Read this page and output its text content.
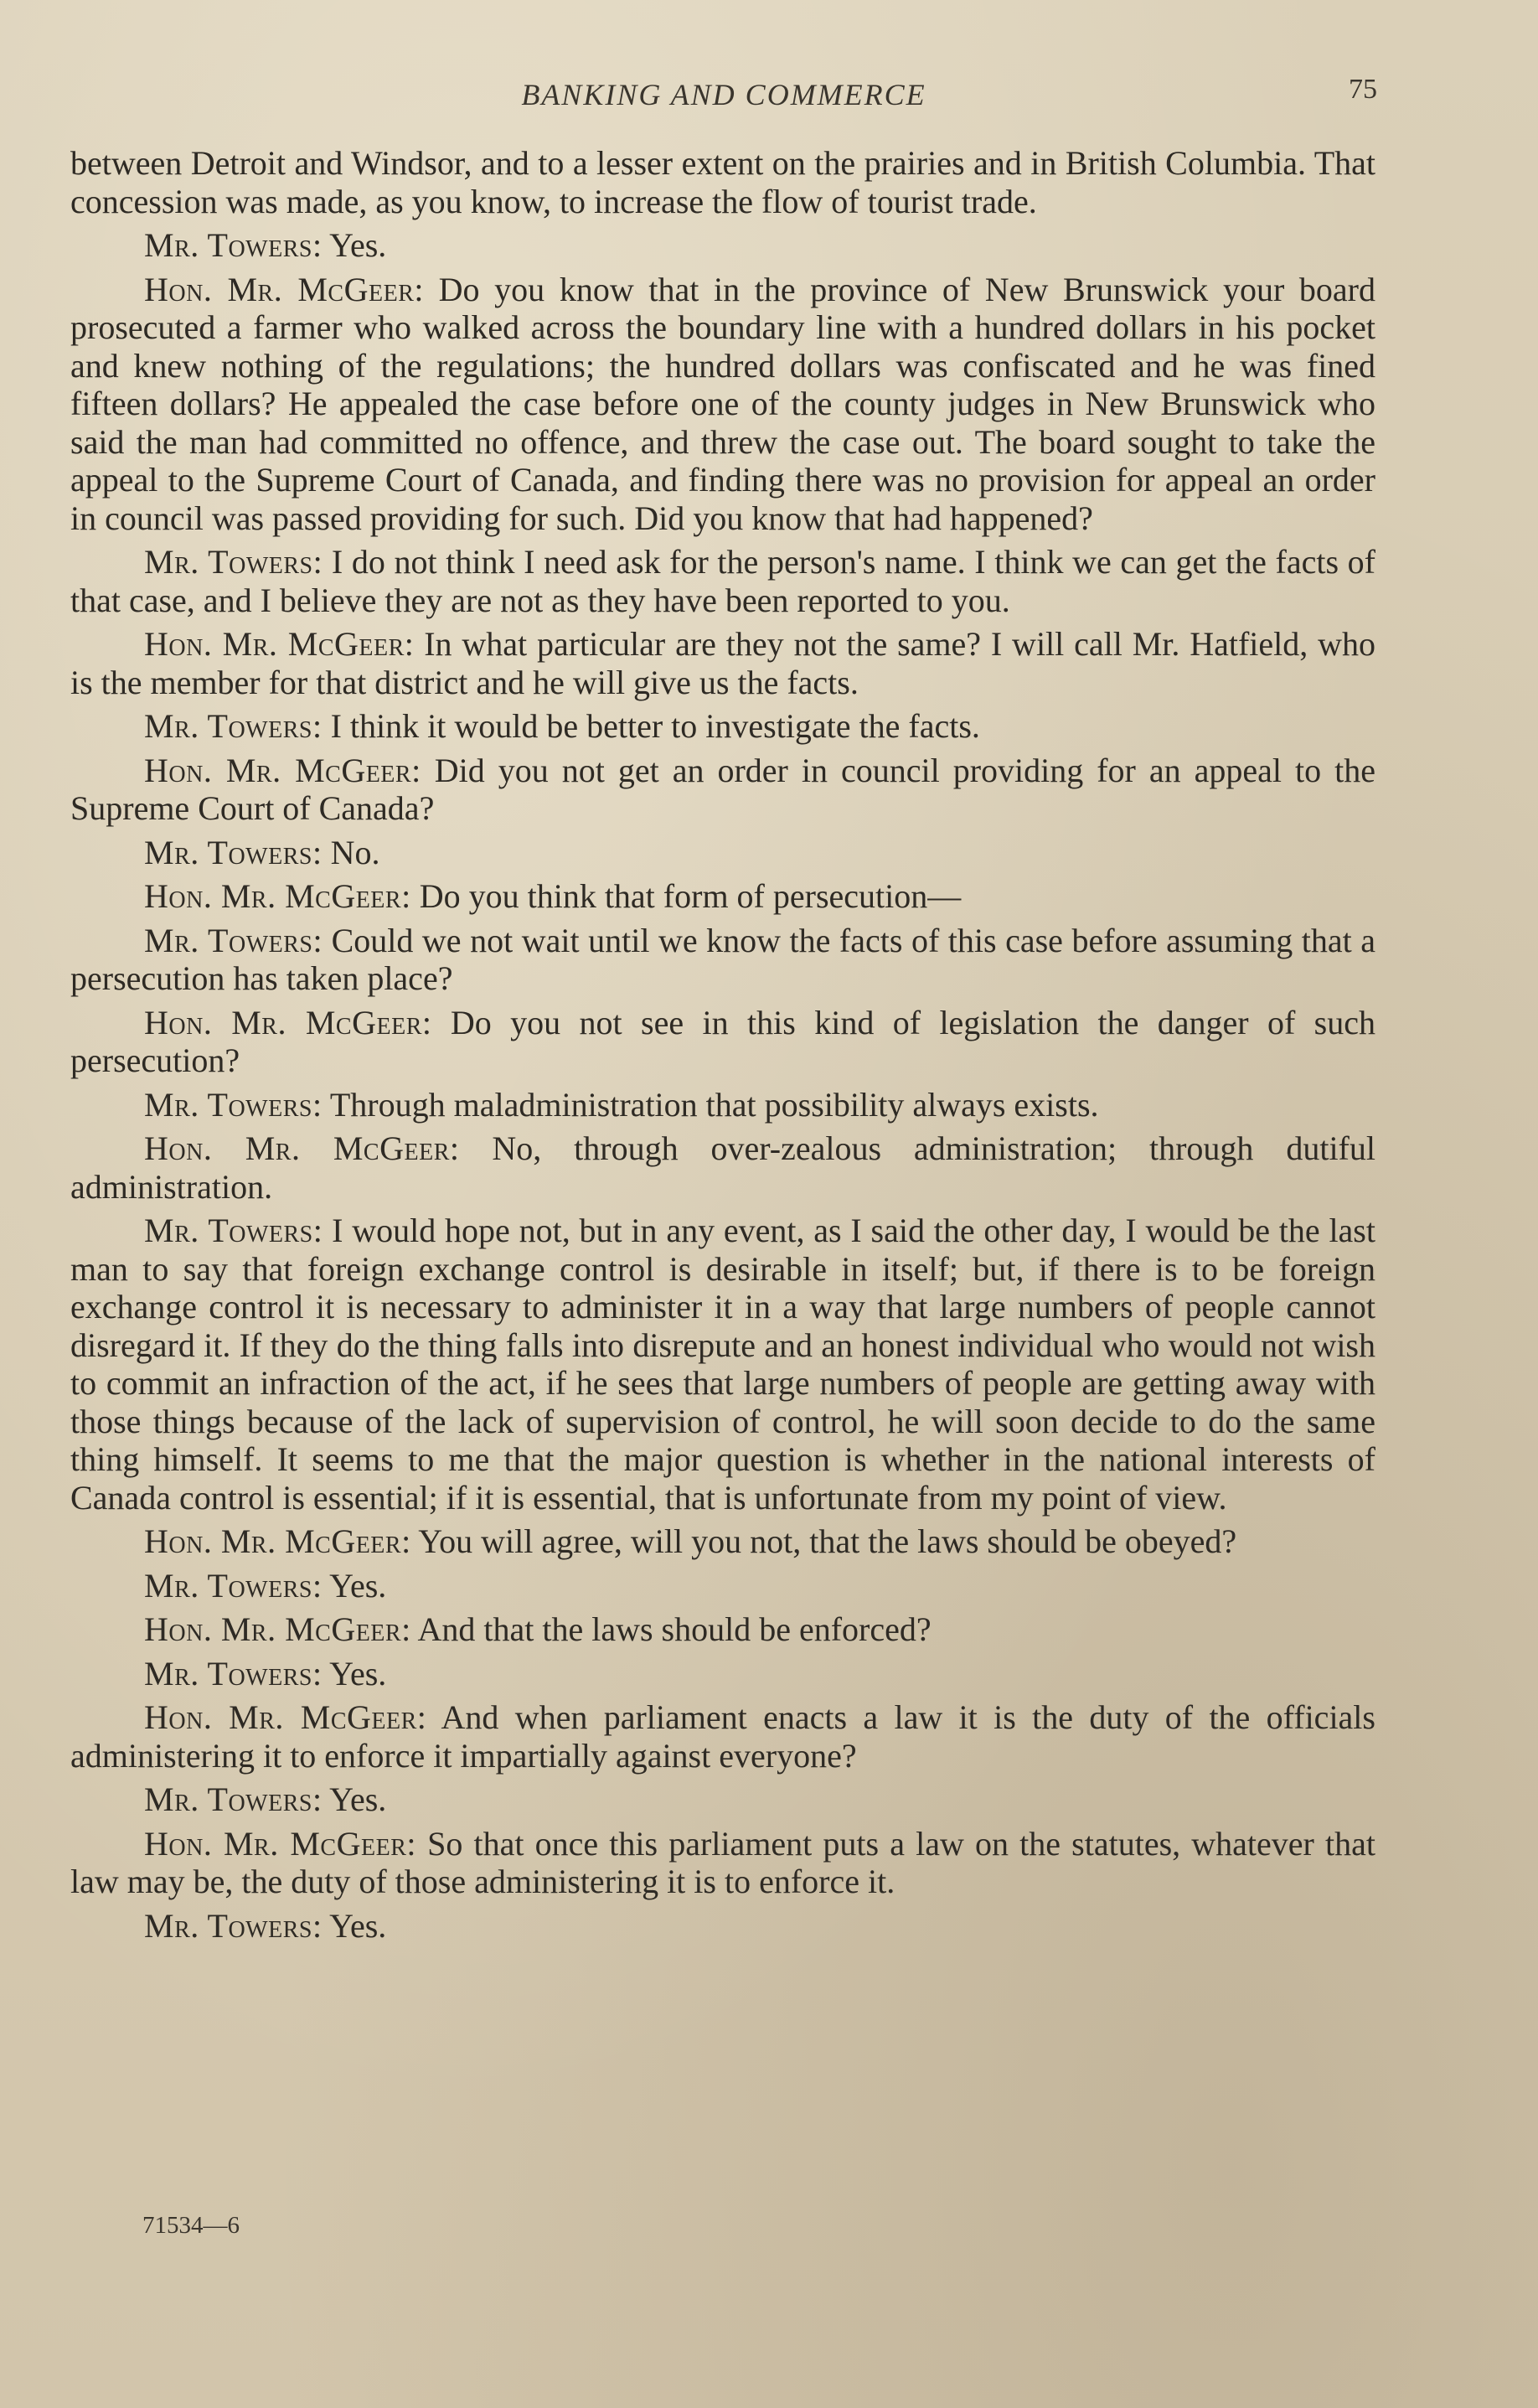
BANKING AND COMMERCE	75

between Detroit and Windsor, and to a lesser extent on the prairies and in British Columbia. That concession was made, as you know, to increase the flow of tourist trade.

Mr. Towers: Yes.

Hon. Mr. McGeer: Do you know that in the province of New Brunswick your board prosecuted a farmer who walked across the boundary line with a hundred dollars in his pocket and knew nothing of the regulations; the hundred dollars was confiscated and he was fined fifteen dollars? He appealed the case before one of the county judges in New Brunswick who said the man had committed no offence, and threw the case out. The board sought to take the appeal to the Supreme Court of Canada, and finding there was no provision for appeal an order in council was passed providing for such. Did you know that had happened?

Mr. Towers: I do not think I need ask for the person's name. I think we can get the facts of that case, and I believe they are not as they have been reported to you.

Hon. Mr. McGeer: In what particular are they not the same? I will call Mr. Hatfield, who is the member for that district and he will give us the facts.

Mr. Towers: I think it would be better to investigate the facts.

Hon. Mr. McGeer: Did you not get an order in council providing for an appeal to the Supreme Court of Canada?

Mr. Towers: No.

Hon. Mr. McGeer: Do you think that form of persecution—

Mr. Towers: Could we not wait until we know the facts of this case before assuming that a persecution has taken place?

Hon. Mr. McGeer: Do you not see in this kind of legislation the danger of such persecution?

Mr. Towers: Through maladministration that possibility always exists.

Hon. Mr. McGeer: No, through over-zealous administration; through dutiful administration.

Mr. Towers: I would hope not, but in any event, as I said the other day, I would be the last man to say that foreign exchange control is desirable in itself; but, if there is to be foreign exchange control it is necessary to administer it in a way that large numbers of people cannot disregard it. If they do the thing falls into disrepute and an honest individual who would not wish to commit an infraction of the act, if he sees that large numbers of people are getting away with those things because of the lack of supervision of control, he will soon decide to do the same thing himself. It seems to me that the major question is whether in the national interests of Canada control is essential; if it is essential, that is unfortunate from my point of view.

Hon. Mr. McGeer: You will agree, will you not, that the laws should be obeyed?

Mr. Towers: Yes.

Hon. Mr. McGeer: And that the laws should be enforced?

Mr. Towers: Yes.

Hon. Mr. McGeer: And when parliament enacts a law it is the duty of the officials administering it to enforce it impartially against everyone?

Mr. Towers: Yes.

Hon. Mr. McGeer: So that once this parliament puts a law on the statutes, whatever that law may be, the duty of those administering it is to enforce it.

Mr. Towers: Yes.

71534—6
